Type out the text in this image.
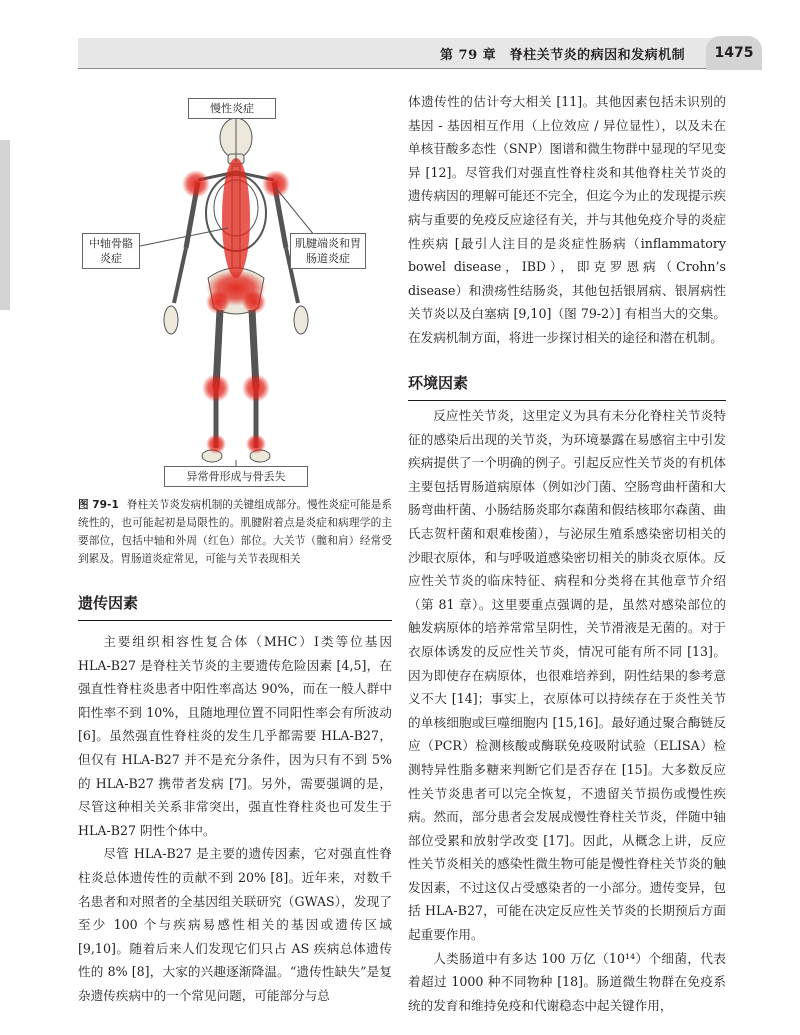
第 79 章　脊柱关节炎的病因和发病机制	1475
慢性炎症
中轴骨骼炎症
肌腱端炎和胃肠道炎症
异常骨形成与骨丢失
图 79-1 脊柱关节炎发病机制的关键组成部分。慢性炎症可能是系统性的，也可能起初是局限性的。肌腱附着点是炎症和病理学的主要部位，包括中轴和外周（红色）部位。大关节（髋和肩）经常受到累及。胃肠道炎症常见，可能与关节表现相关
遗传因素

主要组织相容性复合体（MHC）Ⅰ类等位基因 HLA-B27 是脊柱关节炎的主要遗传危险因素 [4,5]，在强直性脊柱炎患者中阳性率高达 90%，而在一般人群中阳性率不到 10%，且随地理位置不同阳性率会有所波动 [6]。虽然强直性脊柱炎的发生几乎都需要 HLA-B27，但仅有 HLA-B27 并不是充分条件，因为只有不到 5% 的 HLA-B27 携带者发病 [7]。另外，需要强调的是，尽管这种相关关系非常突出，强直性脊柱炎也可发生于 HLA-B27 阴性个体中。

尽管 HLA-B27 是主要的遗传因素，它对强直性脊柱炎总体遗传性的贡献不到 20% [8]。近年来，对数千名患者和对照者的全基因组关联研究（GWAS），发现了至少 100 个与疾病易感性相关的基因或遗传区域 [9,10]。随着后来人们发现它们只占 AS 疾病总体遗传性的 8% [8]，大家的兴趣逐渐降温。“遗传性缺失”是复杂遗传疾病中的一个常见问题，可能部分与总

体遗传性的估计夸大相关 [11]。其他因素包括未识别的基因 - 基因相互作用（上位效应 / 异位显性），以及未在单核苷酸多态性（SNP）图谱和微生物群中显现的罕见变异 [12]。尽管我们对强直性脊柱炎和其他脊柱关节炎的遗传病因的理解可能还不完全，但迄今为止的发现提示疾病与重要的免疫反应途径有关，并与其他免疫介导的炎症性疾病 [最引人注目的是炎症性肠病（inflammatory bowel disease，IBD），即克罗恩病（Crohn’s disease）和溃疡性结肠炎，其他包括银屑病、银屑病性关节炎以及白塞病 [9,10]（图 79-2）] 有相当大的交集。在发病机制方面，将进一步探讨相关的途径和潜在机制。

环境因素

反应性关节炎，这里定义为具有未分化脊柱关节炎特征的感染后出现的关节炎，为环境暴露在易感宿主中引发疾病提供了一个明确的例子。引起反应性关节炎的有机体主要包括胃肠道病原体（例如沙门菌、空肠弯曲杆菌和大肠弯曲杆菌、小肠结肠炎耶尔森菌和假结核耶尔森菌、曲氏志贺杆菌和艰难梭菌），与泌尿生殖系感染密切相关的沙眼衣原体，和与呼吸道感染密切相关的肺炎衣原体。反应性关节炎的临床特征、病程和分类将在其他章节介绍（第 81 章）。这里要重点强调的是，虽然对感染部位的触发病原体的培养常常呈阴性，关节滑液是无菌的。对于衣原体诱发的反应性关节炎，情况可能有所不同 [13]。因为即使存在病原体，也很难培养到，阴性结果的参考意义不大 [14]；事实上，衣原体可以持续存在于炎性关节的单核细胞或巨噬细胞内 [15,16]。最好通过聚合酶链反应（PCR）检测核酸或酶联免疫吸附试验（ELISA）检测特异性脂多糖来判断它们是否存在 [15]。大多数反应性关节炎患者可以完全恢复，不遗留关节损伤或慢性疾病。然而，部分患者会发展成慢性脊柱关节炎，伴随中轴部位受累和放射学改变 [17]。因此，从概念上讲，反应性关节炎相关的感染性微生物可能是慢性脊柱关节炎的触发因素，不过这仅占受感染者的一小部分。遗传变异，包括 HLA-B27，可能在决定反应性关节炎的长期预后方面起重要作用。

人类肠道中有多达 100 万亿（10¹⁴）个细菌，代表着超过 1000 种不同物种 [18]。肠道微生物群在免疫系统的发育和维持免疫和代谢稳态中起关键作用，
